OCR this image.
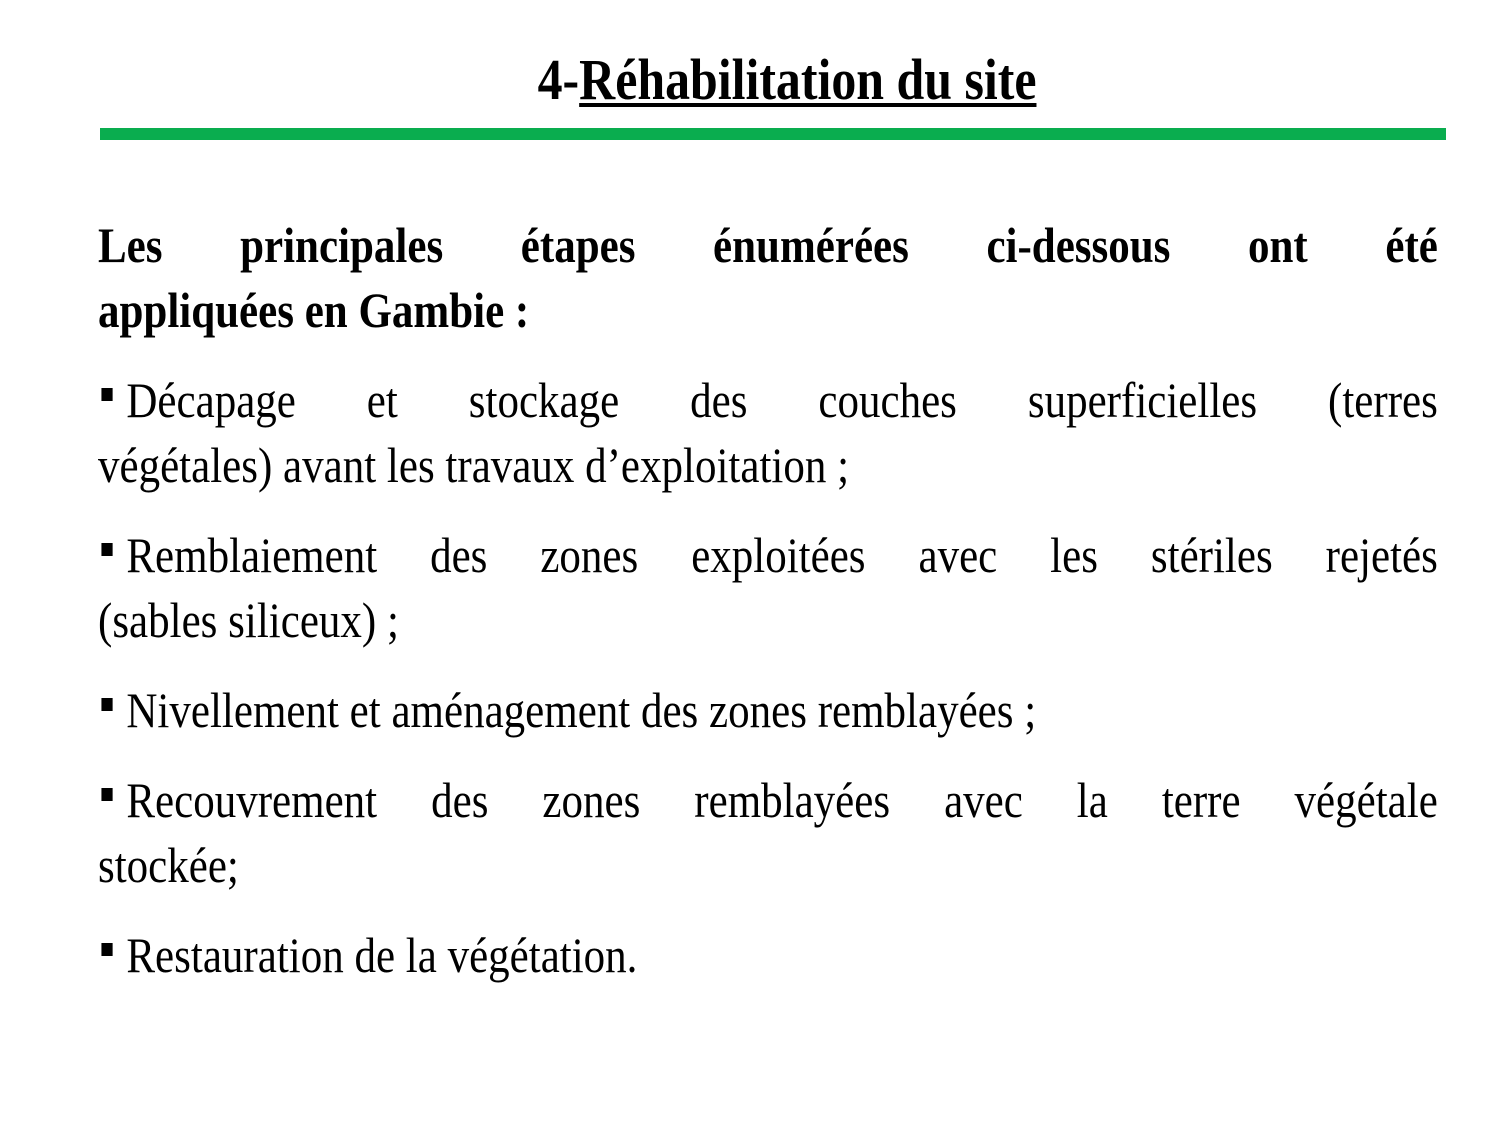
4-Réhabilitation du site
Les principales étapes énumérées ci-dessous ont été
appliquées en Gambie :
Décapage et stockage des couches superficielles (terres
végétales) avant les travaux d’exploitation ;
Remblaiement des zones exploitées avec les stériles rejetés
(sables siliceux) ;
Nivellement et aménagement des zones remblayées ;
Recouvrement des zones remblayées avec la terre végétale
stockée;
Restauration de la végétation.
